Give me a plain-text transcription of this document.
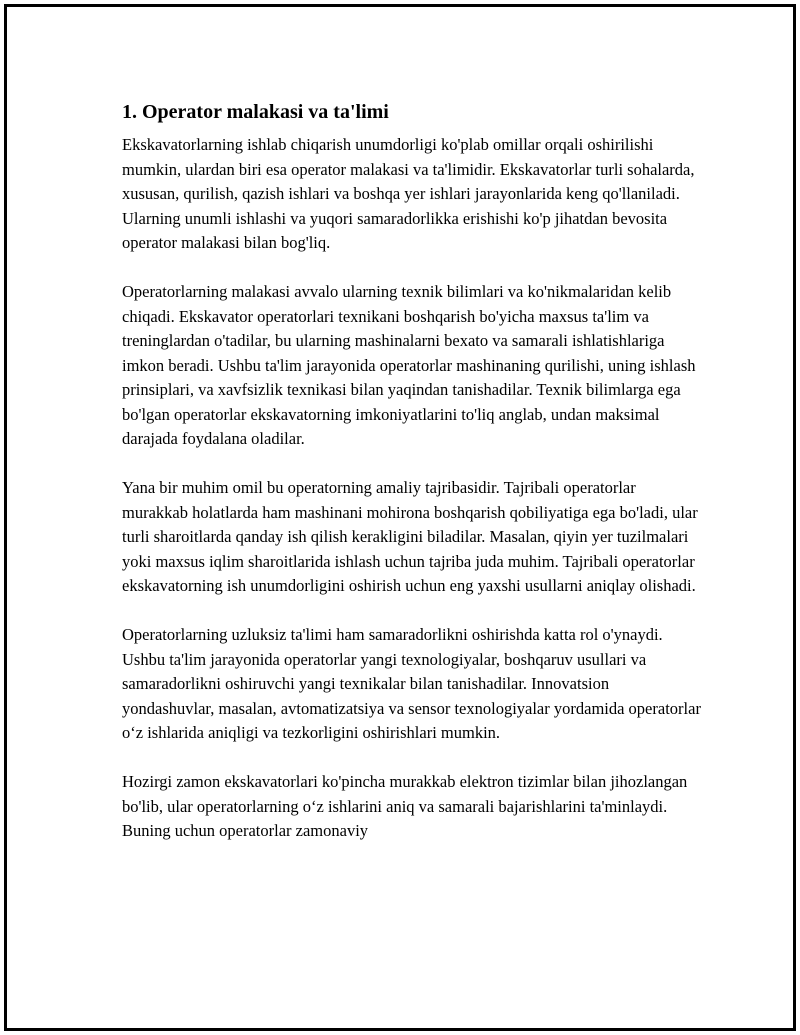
1. Operator malakasi va ta'limi

Ekskavatorlarning ishlab chiqarish unumdorligi ko'plab omillar orqali oshirilishi mumkin, ulardan biri esa operator malakasi va ta'limidir. Ekskavatorlar turli sohalarda, xususan, qurilish, qazish ishlari va boshqa yer ishlari jarayonlarida keng qo'llaniladi. Ularning unumli ishlashi va yuqori samaradorlikka erishishi ko'p jihatdan bevosita operator malakasi bilan bog'liq.

Operatorlarning malakasi avvalo ularning texnik bilimlari va ko'nikmalaridan kelib chiqadi. Ekskavator operatorlari texnikani boshqarish bo'yicha maxsus ta'lim va treninglardan o'tadilar, bu ularning mashinalarni bexato va samarali ishlatishlariga imkon beradi. Ushbu ta'lim jarayonida operatorlar mashinaning qurilishi, uning ishlash prinsiplari, va xavfsizlik texnikasi bilan yaqindan tanishadilar. Texnik bilimlarga ega bo'lgan operatorlar ekskavatorning imkoniyatlarini to'liq anglab, undan maksimal darajada foydalana oladilar.

Yana bir muhim omil bu operatorning amaliy tajribasidir. Tajribali operatorlar murakkab holatlarda ham mashinani mohirona boshqarish qobiliyatiga ega bo'ladi, ular turli sharoitlarda qanday ish qilish kerakligini biladilar. Masalan, qiyin yer tuzilmalari yoki maxsus iqlim sharoitlarida ishlash uchun tajriba juda muhim. Tajribali operatorlar ekskavatorning ish unumdorligini oshirish uchun eng yaxshi usullarni aniqlay olishadi.

Operatorlarning uzluksiz ta'limi ham samaradorlikni oshirishda katta rol o'ynaydi. Ushbu ta'lim jarayonida operatorlar yangi texnologiyalar, boshqaruv usullari va samaradorlikni oshiruvchi yangi texnikalar bilan tanishadilar. Innovatsion yondashuvlar, masalan, avtomatizatsiya va sensor texnologiyalar yordamida operatorlar o‘z ishlarida aniqligi va tezkorligini oshirishlari mumkin.

Hozirgi zamon ekskavatorlari ko'pincha murakkab elektron tizimlar bilan jihozlangan bo'lib, ular operatorlarning o‘z ishlarini aniq va samarali bajarishlarini ta'minlaydi. Buning uchun operatorlar zamonaviy
